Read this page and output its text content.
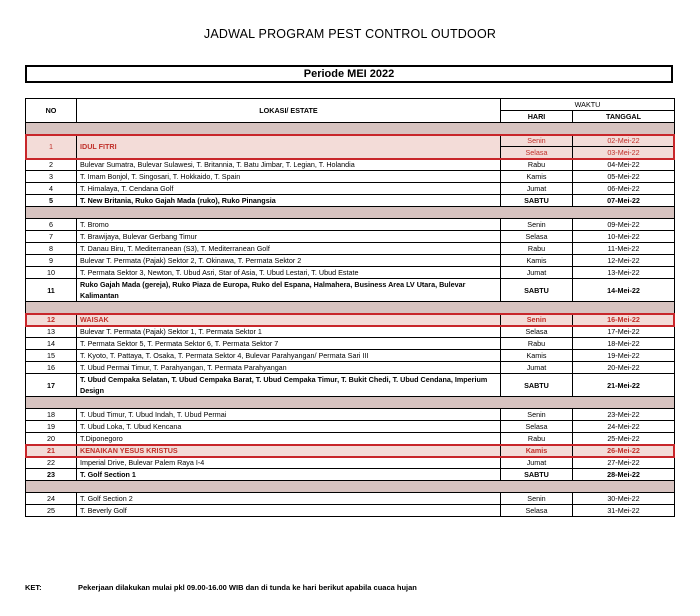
JADWAL PROGRAM PEST CONTROL OUTDOOR
Periode MEI 2022
NO	LOKASI/ ESTATE	WAKTU	
		HARI	TANGGAL

1	IDUL FITRI	Senin	02-Mei-22
		Selasa	03-Mei-22
2	Bulevar Sumatra, Bulevar Sulawesi, T. Britannia, T. Batu Jimbar, T. Legian, T. Holandia	Rabu	04-Mei-22
3	T. Imam Bonjol, T. Singosari, T. Hokkaido, T. Spain	Kamis	05-Mei-22
4	T. Himalaya, T. Cendana Golf	Jumat	06-Mei-22
5	T. New Britania, Ruko Gajah Mada (ruko), Ruko Pinangsia	SABTU	07-Mei-22

6	T. Bromo	Senin	09-Mei-22
7	T. Brawijaya, Bulevar Gerbang Timur	Selasa	10-Mei-22
8	T. Danau Biru, T. Mediterranean (S3), T. Mediterranean Golf	Rabu	11-Mei-22
9	Bulevar T. Permata (Pajak) Sektor 2, T. Okinawa, T. Permata Sektor 2	Kamis	12-Mei-22
10	T. Permata Sektor 3, Newton, T. Ubud Asri, Star of Asia, T. Ubud Lestari, T. Ubud Estate	Jumat	13-Mei-22
11	Ruko Gajah Mada (gereja), Ruko Piaza de Europa, Ruko del Espana, Halmahera, Business Area LV Utara, Bulevar Kalimantan	SABTU	14-Mei-22

12	WAISAK	Senin	16-Mei-22
13	Bulevar T. Permata (Pajak) Sektor 1, T. Permata Sektor 1	Selasa	17-Mei-22
14	T. Permata Sektor 5, T. Permata Sektor 6, T. Permata Sektor 7	Rabu	18-Mei-22
15	T. Kyoto, T. Pattaya, T. Osaka, T. Permata Sektor 4, Bulevar Parahyangan/ Permata Sari III	Kamis	19-Mei-22
16	T. Ubud Permai Timur, T. Parahyangan, T. Permata Parahyangan	Jumat	20-Mei-22
17	T. Ubud Cempaka Selatan, T. Ubud Cempaka Barat, T. Ubud Cempaka Timur, T. Bukit Chedi, T. Ubud Cendana, Imperium Design	SABTU	21-Mei-22

18	T. Ubud Timur, T. Ubud Indah, T. Ubud Permai	Senin	23-Mei-22
19	T. Ubud Loka, T. Ubud Kencana	Selasa	24-Mei-22
20	T.Diponegoro	Rabu	25-Mei-22
21	KENAIKAN YESUS KRISTUS	Kamis	26-Mei-22
22	Imperial Drive, Bulevar Palem Raya I-4	Jumat	27-Mei-22
23	T. Golf Section 1	SABTU	28-Mei-22

24	T. Golf Section 2	Senin	30-Mei-22
25	T. Beverly Golf	Selasa	31-Mei-22
KET:	Pekerjaan dilakukan mulai pkl 09.00-16.00 WIB dan di tunda ke hari berikut apabila cuaca hujan
